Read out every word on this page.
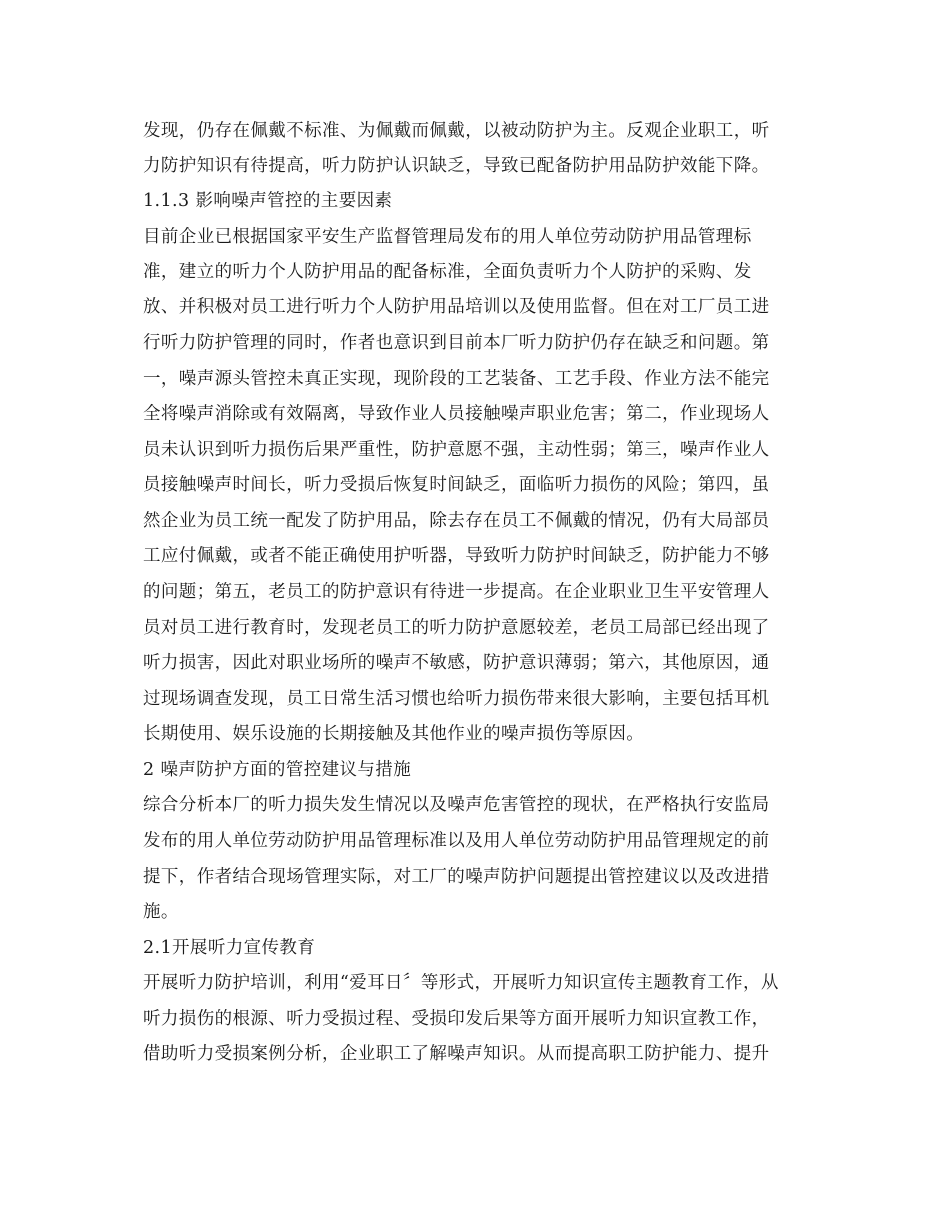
发现，仍存在佩戴不标准、为佩戴而佩戴，以被动防护为主。反观企业职工，听
力防护知识有待提高，听力防护认识缺乏，导致已配备防护用品防护效能下降。
1.1.3 影响噪声管控的主要因素
目前企业已根据国家平安生产监督管理局发布的用人单位劳动防护用品管理标
准，建立的听力个人防护用品的配备标准，全面负责听力个人防护的采购、发
放、并积极对员工进行听力个人防护用品培训以及使用监督。但在对工厂员工进
行听力防护管理的同时，作者也意识到目前本厂听力防护仍存在缺乏和问题。第
一，噪声源头管控未真正实现，现阶段的工艺装备、工艺手段、作业方法不能完
全将噪声消除或有效隔离，导致作业人员接触噪声职业危害；第二，作业现场人
员未认识到听力损伤后果严重性，防护意愿不强，主动性弱；第三，噪声作业人
员接触噪声时间长，听力受损后恢复时间缺乏，面临听力损伤的风险；第四，虽
然企业为员工统一配发了防护用品，除去存在员工不佩戴的情况，仍有大局部员
工应付佩戴，或者不能正确使用护听器，导致听力防护时间缺乏，防护能力不够
的问题；第五，老员工的防护意识有待进一步提高。在企业职业卫生平安管理人
员对员工进行教育时，发现老员工的听力防护意愿较差，老员工局部已经出现了
听力损害，因此对职业场所的噪声不敏感，防护意识薄弱；第六，其他原因，通
过现场调查发现，员工日常生活习惯也给听力损伤带来很大影响，主要包括耳机
长期使用、娱乐设施的长期接触及其他作业的噪声损伤等原因。
2 噪声防护方面的管控建议与措施
综合分析本厂的听力损失发生情况以及噪声危害管控的现状，在严格执行安监局
发布的用人单位劳动防护用品管理标准以及用人单位劳动防护用品管理规定的前
提下，作者结合现场管理实际，对工厂的噪声防护问题提出管控建议以及改进措
施。
2.1开展听力宣传教育
开展听力防护培训，利用“爱耳日〞等形式，开展听力知识宣传主题教育工作，从
听力损伤的根源、听力受损过程、受损印发后果等方面开展听力知识宣教工作，
借助听力受损案例分析，企业职工了解噪声知识。从而提高职工防护能力、提升
